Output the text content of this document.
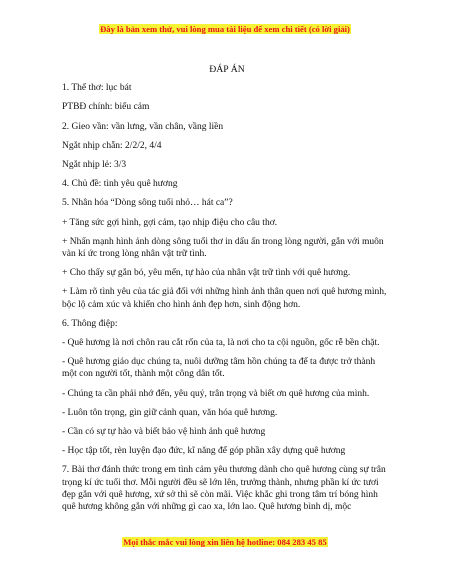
Đây là bản xem thử, vui lòng mua tài liệu để xem chi tiết (có lời giải)
ĐÁP ÁN
1. Thể thơ: lục bát
PTBĐ chính: biểu cảm
2. Gieo vần: vần lưng, vần chân, vầng liền
Ngắt nhịp chẵn: 2/2/2, 4/4
Ngắt nhịp lẻ: 3/3
4. Chủ đề: tình yêu quê hương
5. Nhân hóa “Dòng sông tuổi nhỏ… hát ca”?
+ Tăng sức gợi hình, gợi cảm, tạo nhịp điệu cho câu thơ.
+ Nhấn mạnh hình ảnh dòng sông tuổi thơ in dấu ấn trong lòng người, gắn với muôn vàn kí ức trong lòng nhân vật trữ tình.
+ Cho thấy sự gắn bó, yêu mến, tự hào của nhân vật trữ tình với quê hương.
+ Làm rõ tình yêu của tác giả đối với những hình ảnh thân quen nơi quê hương mình, bộc lộ cảm xúc và khiến cho hình ảnh đẹp hơn, sinh động hơn.
6. Thông điệp:
- Quê hương là nơi chôn rau cắt rốn của ta, là nơi cho ta cội nguồn, gốc rễ bền chặt.
- Quê hương giáo dục chúng ta, nuôi dưỡng tâm hồn chúng ta để ta được trở thành một con người tốt, thành một công dân tốt.
- Chúng ta cần phải nhớ đến, yêu quý, trân trọng và biết ơn quê hương của mình.
- Luôn tôn trọng, gìn giữ cảnh quan, văn hóa quê hương.
- Cần có sự tự hào và biết bảo vệ hình ảnh quê hương
- Học tập tốt, rèn luyện đạo đức, kĩ năng để góp phần xây dựng quê hương
7. Bài thơ đánh thức trong em tình cảm yêu thương dành cho quê hương cùng sự trân trọng kí ức tuổi thơ. Mỗi người đều sẽ lớn lên, trưởng thành, nhưng phần kí ức tươi đẹp gắn với quê hương, xứ sở thì sẽ còn mãi. Việc khắc ghi trong tâm trí bóng hình quê hương không gắn với những gì cao xa, lớn lao. Quê hương bình dị, mộc
Mọi thắc mắc vui lòng xin liên hệ hotline: 084 283 45 85
